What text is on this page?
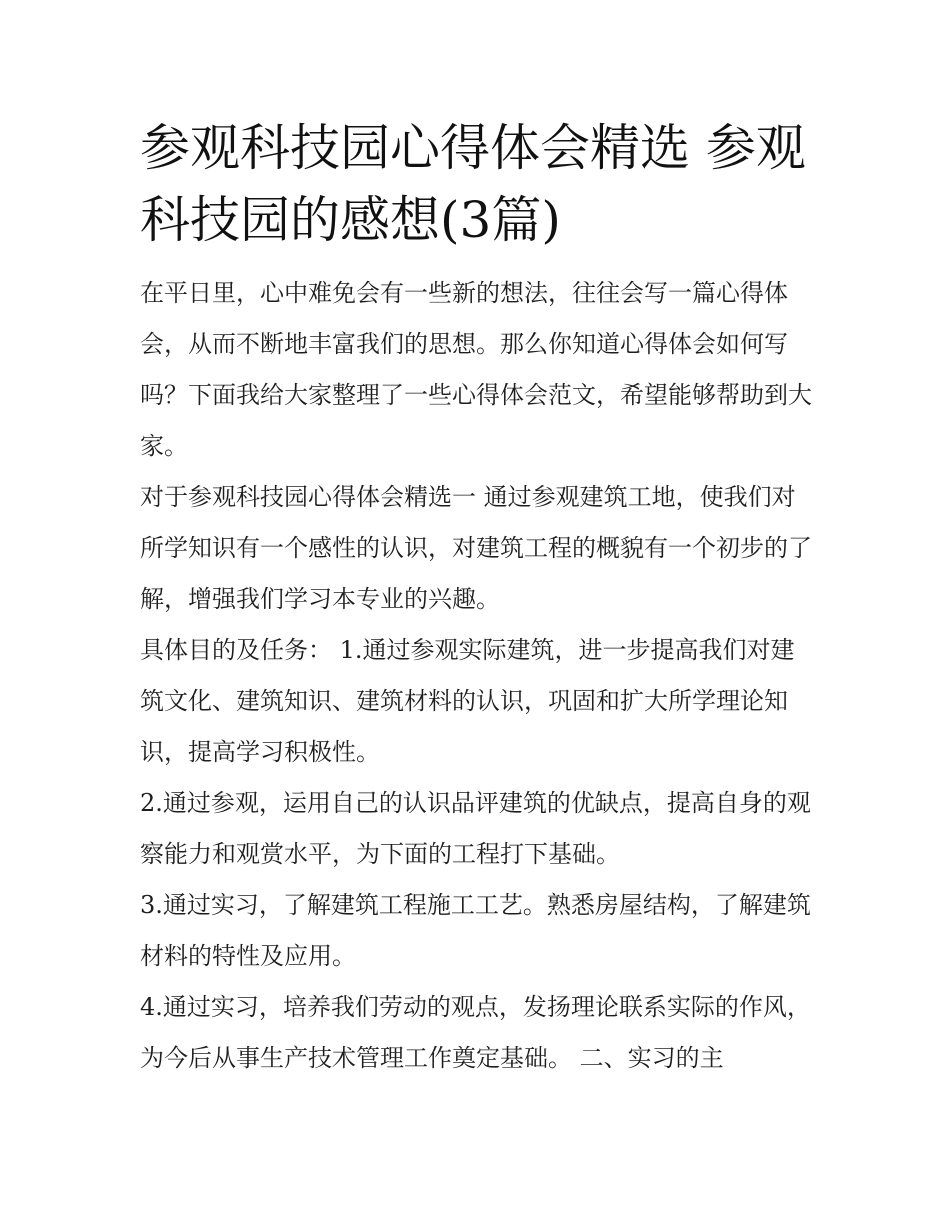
参观科技园心得体会精选 参观科技园的感想(3篇)

在平日里，心中难免会有一些新的想法，往往会写一篇心得体会，从而不断地丰富我们的思想。那么你知道心得体会如何写吗？下面我给大家整理了一些心得体会范文，希望能够帮助到大家。

对于参观科技园心得体会精选一 通过参观建筑工地，使我们对所学知识有一个感性的认识，对建筑工程的概貌有一个初步的了解，增强我们学习本专业的兴趣。

具体目的及任务： 1.通过参观实际建筑，进一步提高我们对建筑文化、建筑知识、建筑材料的认识，巩固和扩大所学理论知识，提高学习积极性。

2.通过参观，运用自己的认识品评建筑的优缺点，提高自身的观察能力和观赏水平，为下面的工程打下基础。

3.通过实习，了解建筑工程施工工艺。熟悉房屋结构，了解建筑材料的特性及应用。

4.通过实习，培养我们劳动的观点，发扬理论联系实际的作风，为今后从事生产技术管理工作奠定基础。 二、实习的主
